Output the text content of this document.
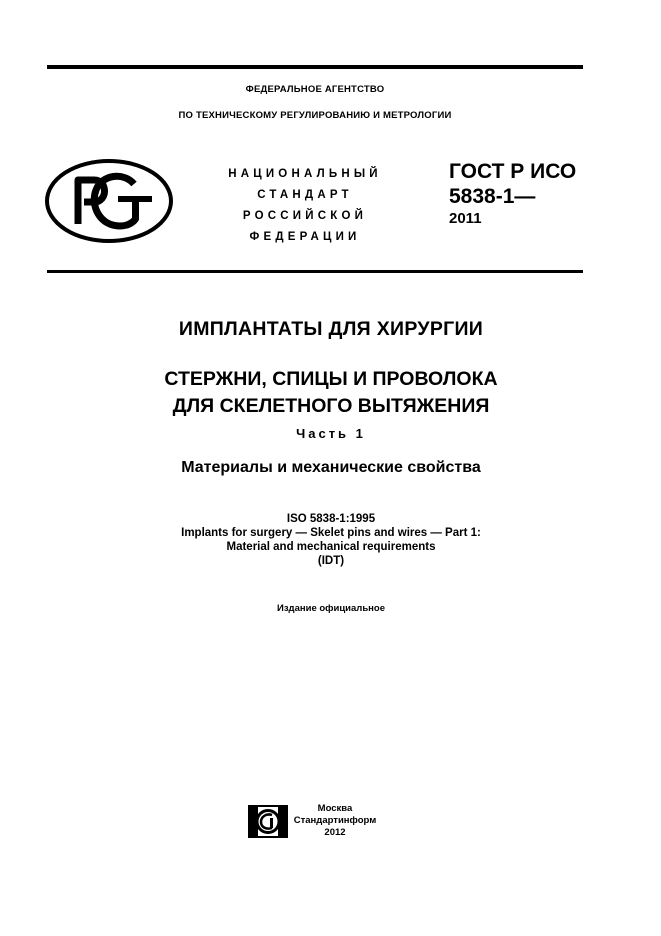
ФЕДЕРАЛЬНОЕ АГЕНТСТВО
ПО ТЕХНИЧЕСКОМУ РЕГУЛИРОВАНИЮ И МЕТРОЛОГИИ
НАЦИОНАЛЬНЫЙ
СТАНДАРТ
РОССИЙСКОЙ
ФЕДЕРАЦИИ
ГОСТ Р ИСО
5838-1—
2011
ИМПЛАНТАТЫ ДЛЯ ХИРУРГИИ
СТЕРЖНИ, СПИЦЫ И ПРОВОЛОКА
ДЛЯ СКЕЛЕТНОГО ВЫТЯЖЕНИЯ
Часть 1
Материалы и механические свойства
ISO 5838-1:1995
Implants for surgery — Skelet pins and wires — Part 1:
Material and mechanical requirements
(IDT)
Издание официальное
Москва
Стандартинформ
2012
